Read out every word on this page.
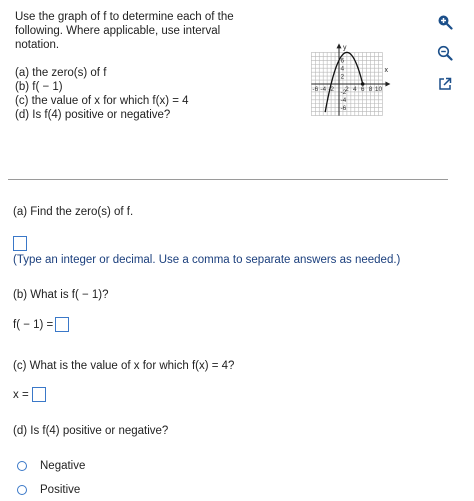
Use the graph of f to determine each of the
following. Where applicable, use interval
notation.
(a) the zero(s) of f
(b) f( − 1)
(c) the value of x for which f(x) = 4
(d) Is f(4) positive or negative?
-6 -4 -2 2 4 6 8 10
6
4
2
-2
-4
-6
x
y
(a) Find the zero(s) of f.
(Type an integer or decimal. Use a comma to separate answers as needed.)
(b) What is f( − 1)?
f( − 1) =
(c) What is the value of x for which f(x) = 4?
x =
(d) Is f(4) positive or negative?
Negative
Positive
